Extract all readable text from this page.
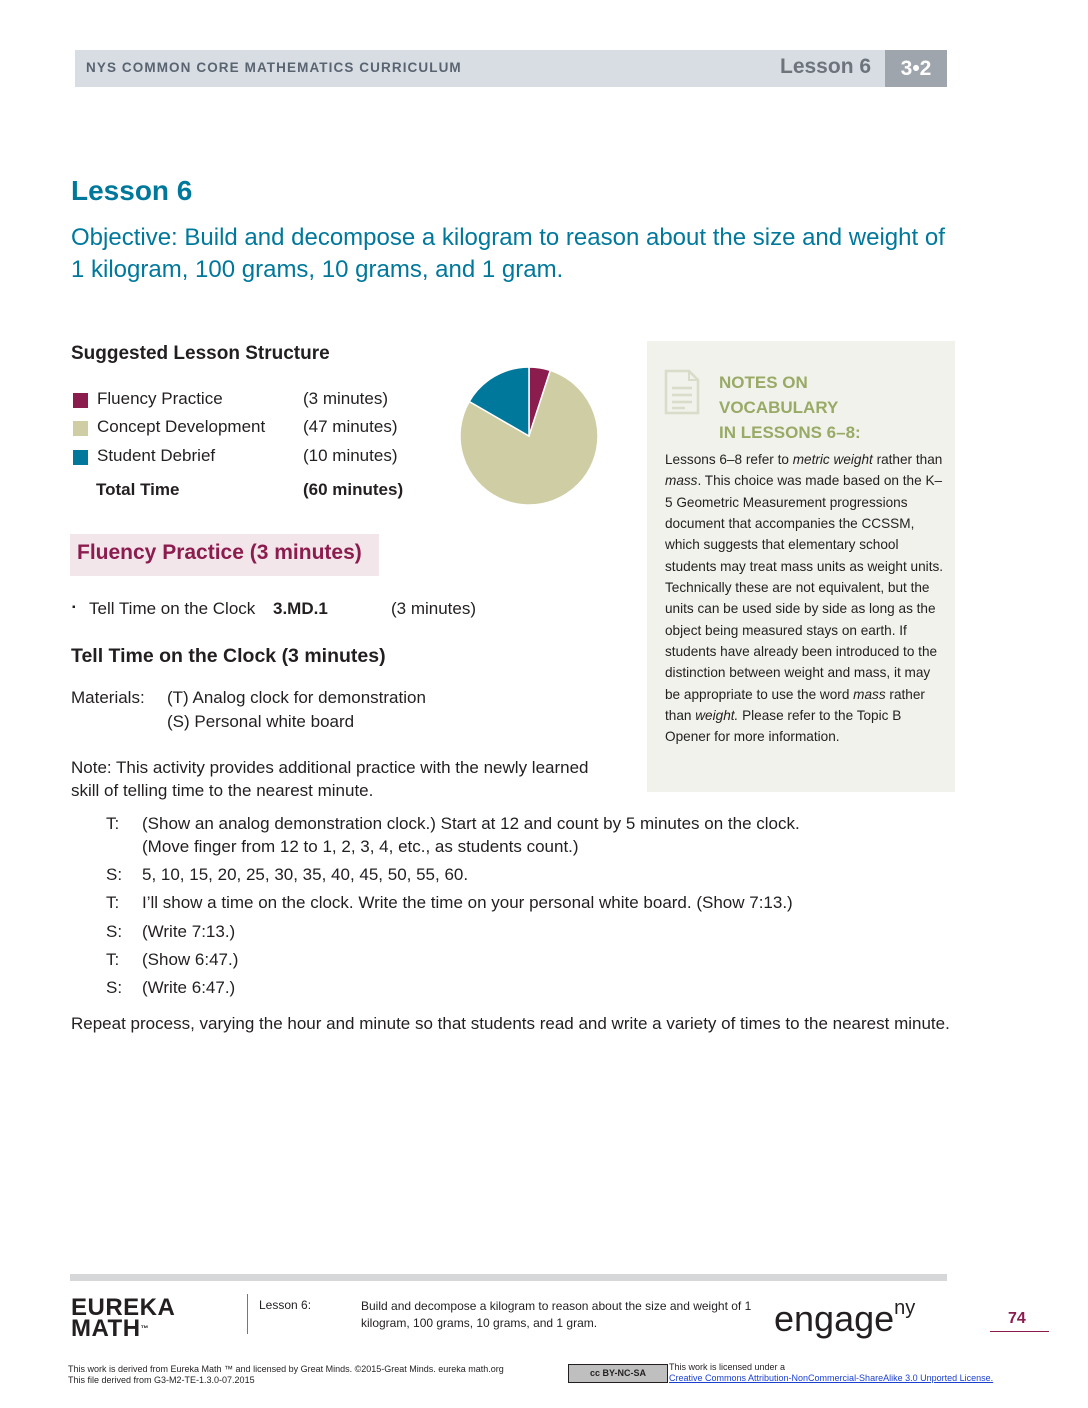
NYS COMMON CORE MATHEMATICS CURRICULUM	Lesson 6	3•2
Lesson 6
Objective: Build and decompose a kilogram to reason about the size and weight of 1 kilogram, 100 grams, 10 grams, and 1 gram.
Suggested Lesson Structure
Fluency Practice	(3 minutes)
Concept Development (47 minutes)
Student Debrief	(10 minutes)
Total Time	(60 minutes)
NOTES ON
VOCABULARY
IN LESSONS 6–8:
Lessons 6–8 refer to metric weight rather than mass. This choice was made based on the K–5 Geometric Measurement progressions document that accompanies the CCSSM, which suggests that elementary school students may treat mass units as weight units. Technically these are not equivalent, but the units can be used side by side as long as the object being measured stays on earth. If students have already been introduced to the distinction between weight and mass, it may be appropriate to use the word mass rather than weight. Please refer to the Topic B Opener for more information.
Fluency Practice (3 minutes)
▪ Tell Time on the Clock 3.MD.1	(3 minutes)
Tell Time on the Clock (3 minutes)
Materials: (T) Analog clock for demonstration
(S) Personal white board
Note: This activity provides additional practice with the newly learned skill of telling time to the nearest minute.
T: (Show an analog demonstration clock.) Start at 12 and count by 5 minutes on the clock.
(Move finger from 12 to 1, 2, 3, 4, etc., as students count.)
S: 5, 10, 15, 20, 25, 30, 35, 40, 45, 50, 55, 60.
T: I’ll show a time on the clock. Write the time on your personal white board. (Show 7:13.)
S: (Write 7:13.)
T: (Show 6:47.)
S: (Write 6:47.)
Repeat process, varying the hour and minute so that students read and write a variety of times to the nearest minute.
EUREKA
MATH™
Lesson 6:	Build and decompose a kilogram to reason about the size and weight of 1 kilogram, 100 grams, 10 grams, and 1 gram.	engage$^{ny}$	74
This work is derived from Eureka Math ™ and licensed by Great Minds. ©2015-Great Minds. eureka math.org
This file derived from G3-M2-TE-1.3.0-07.2015
cc BY-NC-SA
This work is licensed under a
Creative Commons Attribution-NonCommercial-ShareAlike 3.0 Unported License.
